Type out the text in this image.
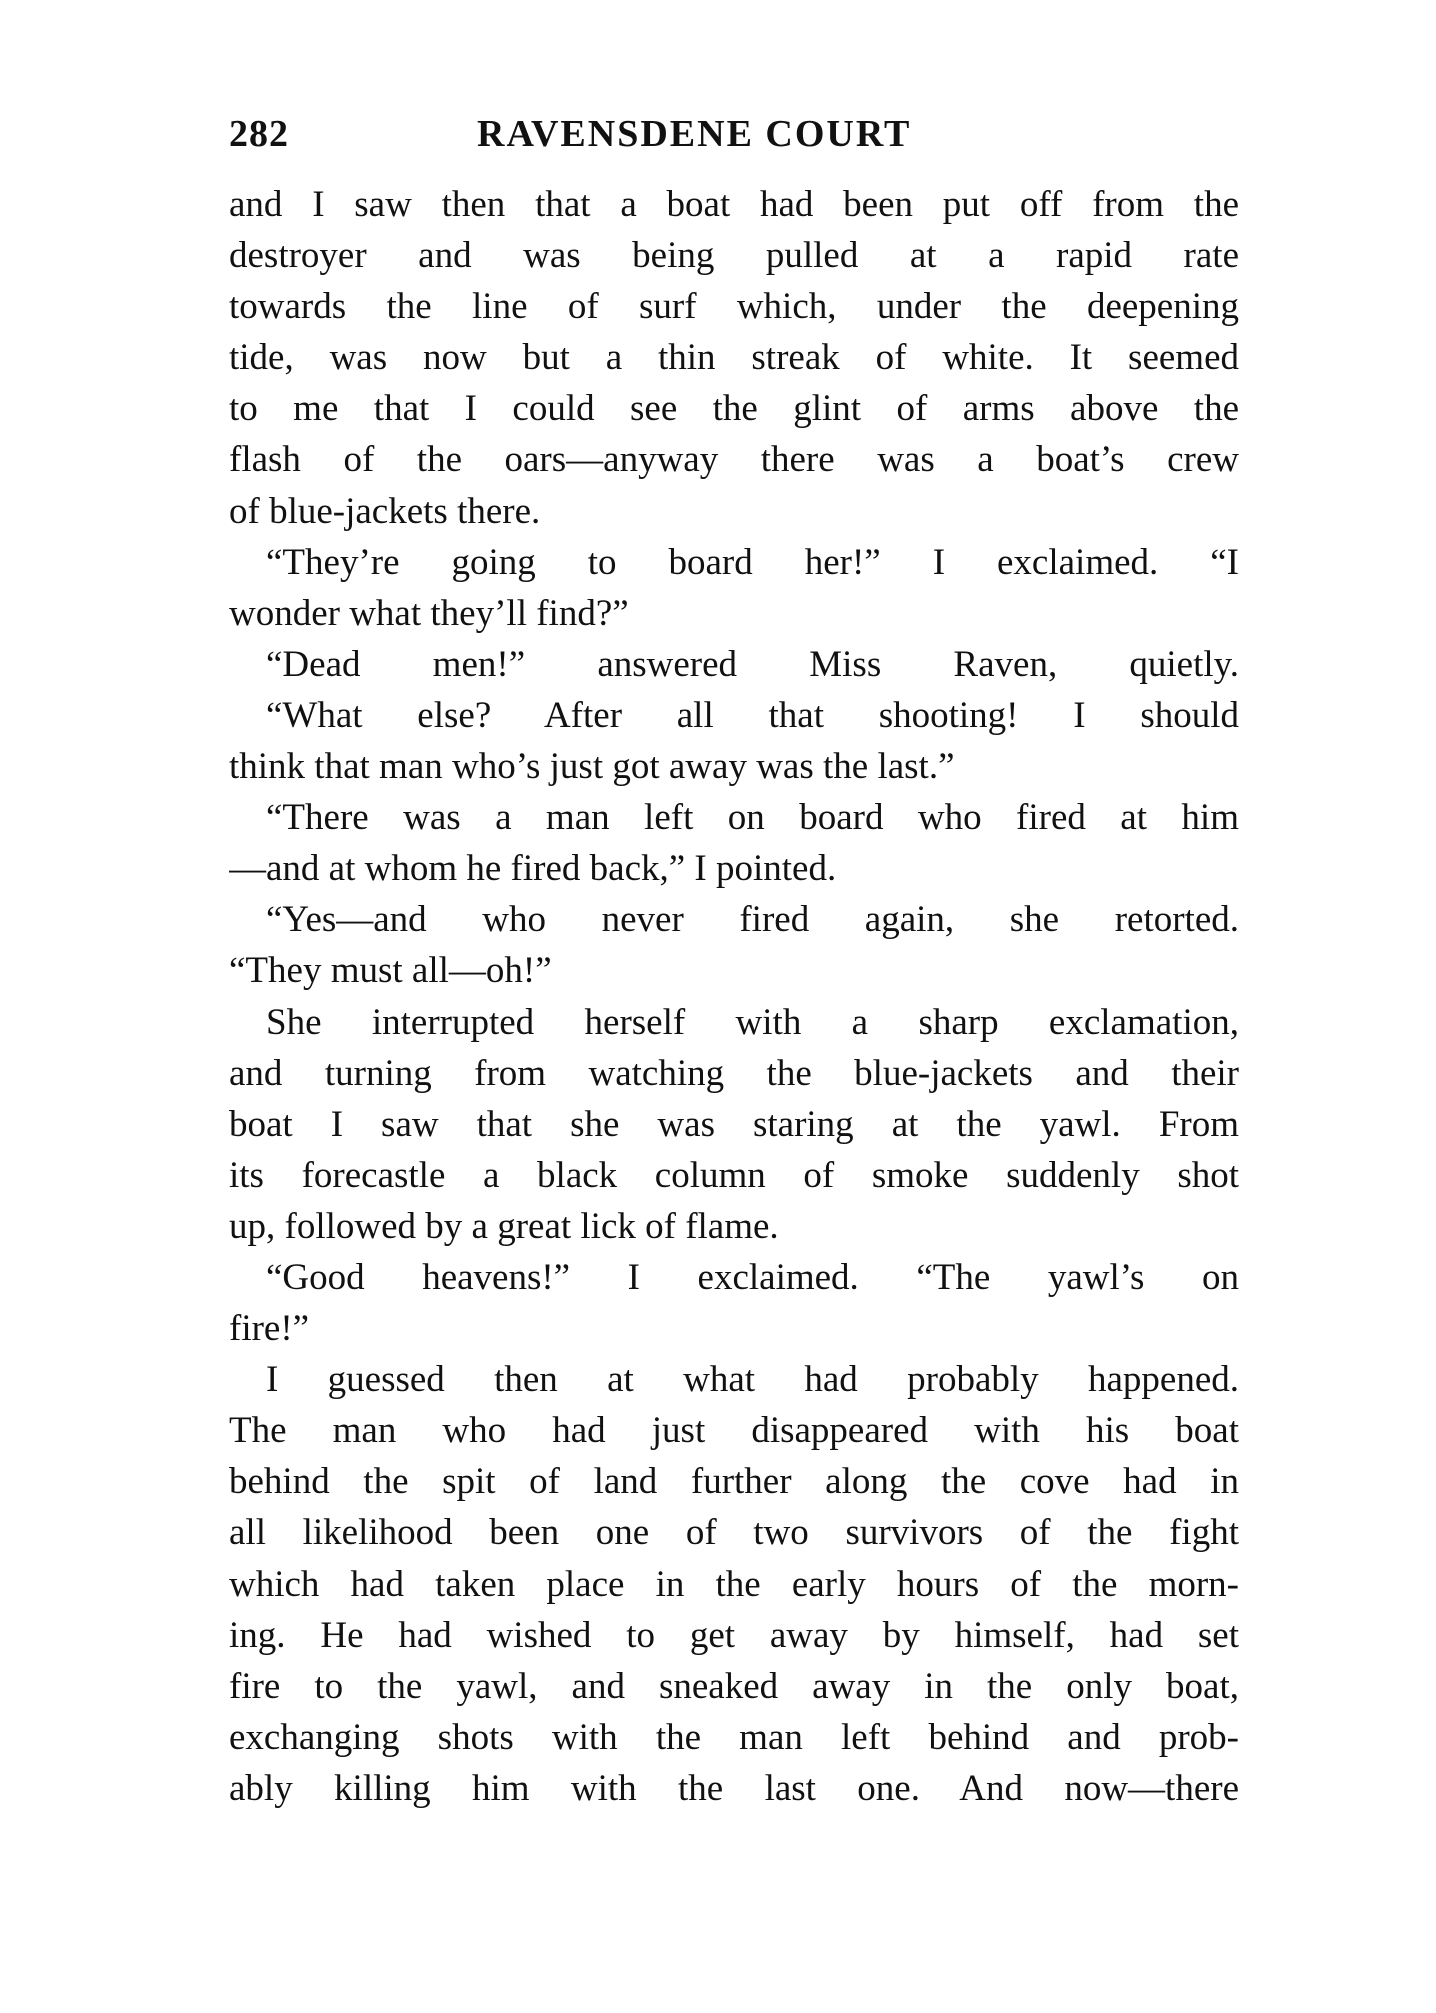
282	RAVENSDENE COURT
and I saw then that a boat had been put off from the
destroyer and was being pulled at a rapid rate
towards the line of surf which, under the deepening
tide, was now but a thin streak of white. It seemed
to me that I could see the glint of arms above the
flash of the oars—anyway there was a boat’s crew
of blue-jackets there.
“They’re going to board her!” I exclaimed. “I
wonder what they’ll find?”
“Dead men!” answered Miss Raven, quietly.
“What else? After all that shooting! I should
think that man who’s just got away was the last.”
“There was a man left on board who fired at him
—and at whom he fired back,” I pointed.
“Yes—and who never fired again, she retorted.
“They must all—oh!”
She interrupted herself with a sharp exclamation,
and turning from watching the blue-jackets and their
boat I saw that she was staring at the yawl. From
its forecastle a black column of smoke suddenly shot
up, followed by a great lick of flame.
“Good heavens!” I exclaimed. “The yawl’s on
fire!”
I guessed then at what had probably happened.
The man who had just disappeared with his boat
behind the spit of land further along the cove had in
all likelihood been one of two survivors of the fight
which had taken place in the early hours of the morn-
ing. He had wished to get away by himself, had set
fire to the yawl, and sneaked away in the only boat,
exchanging shots with the man left behind and prob-
ably killing him with the last one. And now—there
